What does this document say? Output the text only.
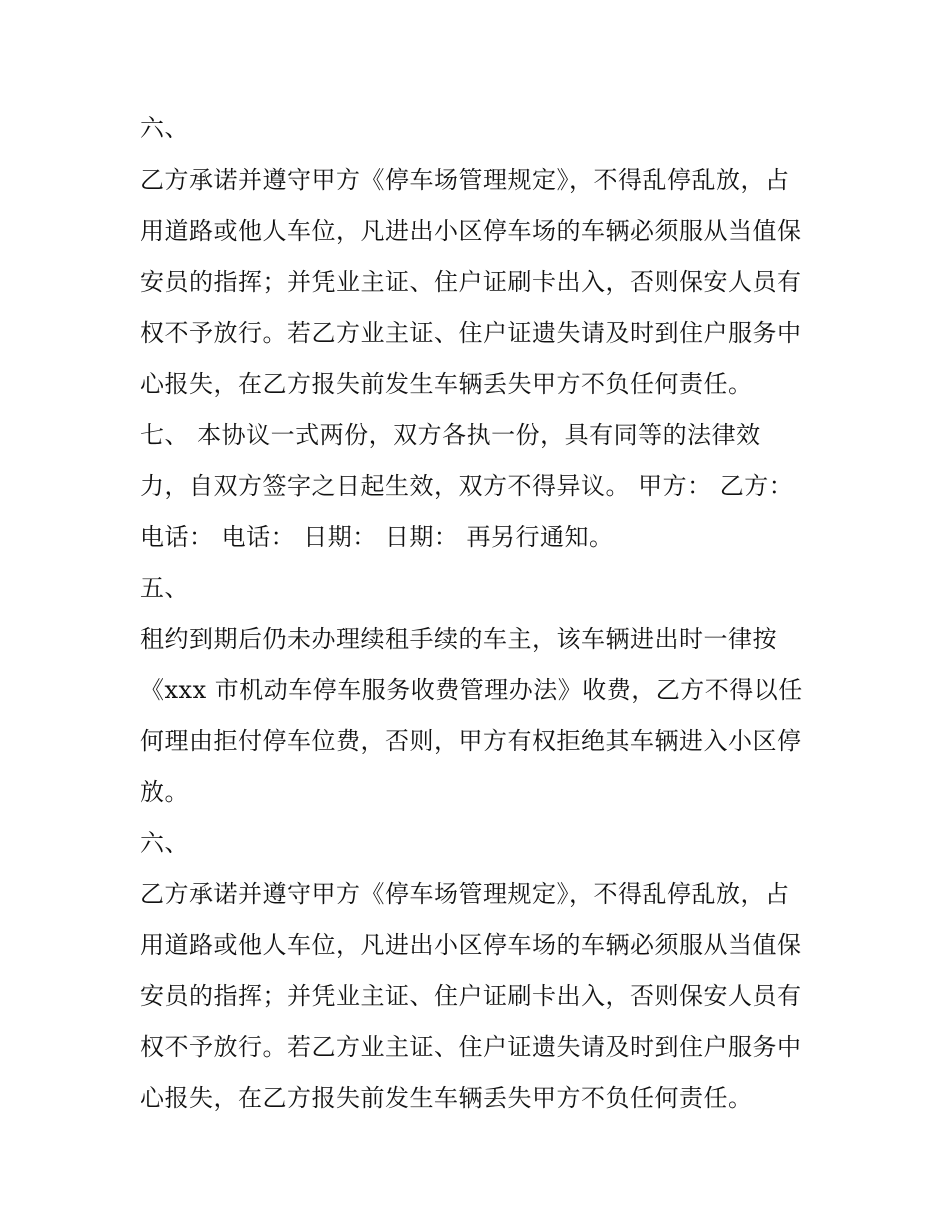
六、
乙方承诺并遵守甲方《停车场管理规定》，不得乱停乱放，占
用道路或他人车位，凡进出小区停车场的车辆必须服从当值保
安员的指挥；并凭业主证、住户证刷卡出入，否则保安人员有
权不予放行。若乙方业主证、住户证遗失请及时到住户服务中
心报失，在乙方报失前发生车辆丢失甲方不负任何责任。
七、 本协议一式两份，双方各执一份，具有同等的法律效
力，自双方签字之日起生效，双方不得异议。 甲方： 乙方：
电话： 电话： 日期： 日期： 再另行通知。
五、
租约到期后仍未办理续租手续的车主，该车辆进出时一律按
《xxx 市机动车停车服务收费管理办法》收费，乙方不得以任
何理由拒付停车位费，否则，甲方有权拒绝其车辆进入小区停
放。
六、
乙方承诺并遵守甲方《停车场管理规定》，不得乱停乱放，占
用道路或他人车位，凡进出小区停车场的车辆必须服从当值保
安员的指挥；并凭业主证、住户证刷卡出入，否则保安人员有
权不予放行。若乙方业主证、住户证遗失请及时到住户服务中
心报失，在乙方报失前发生车辆丢失甲方不负任何责任。
